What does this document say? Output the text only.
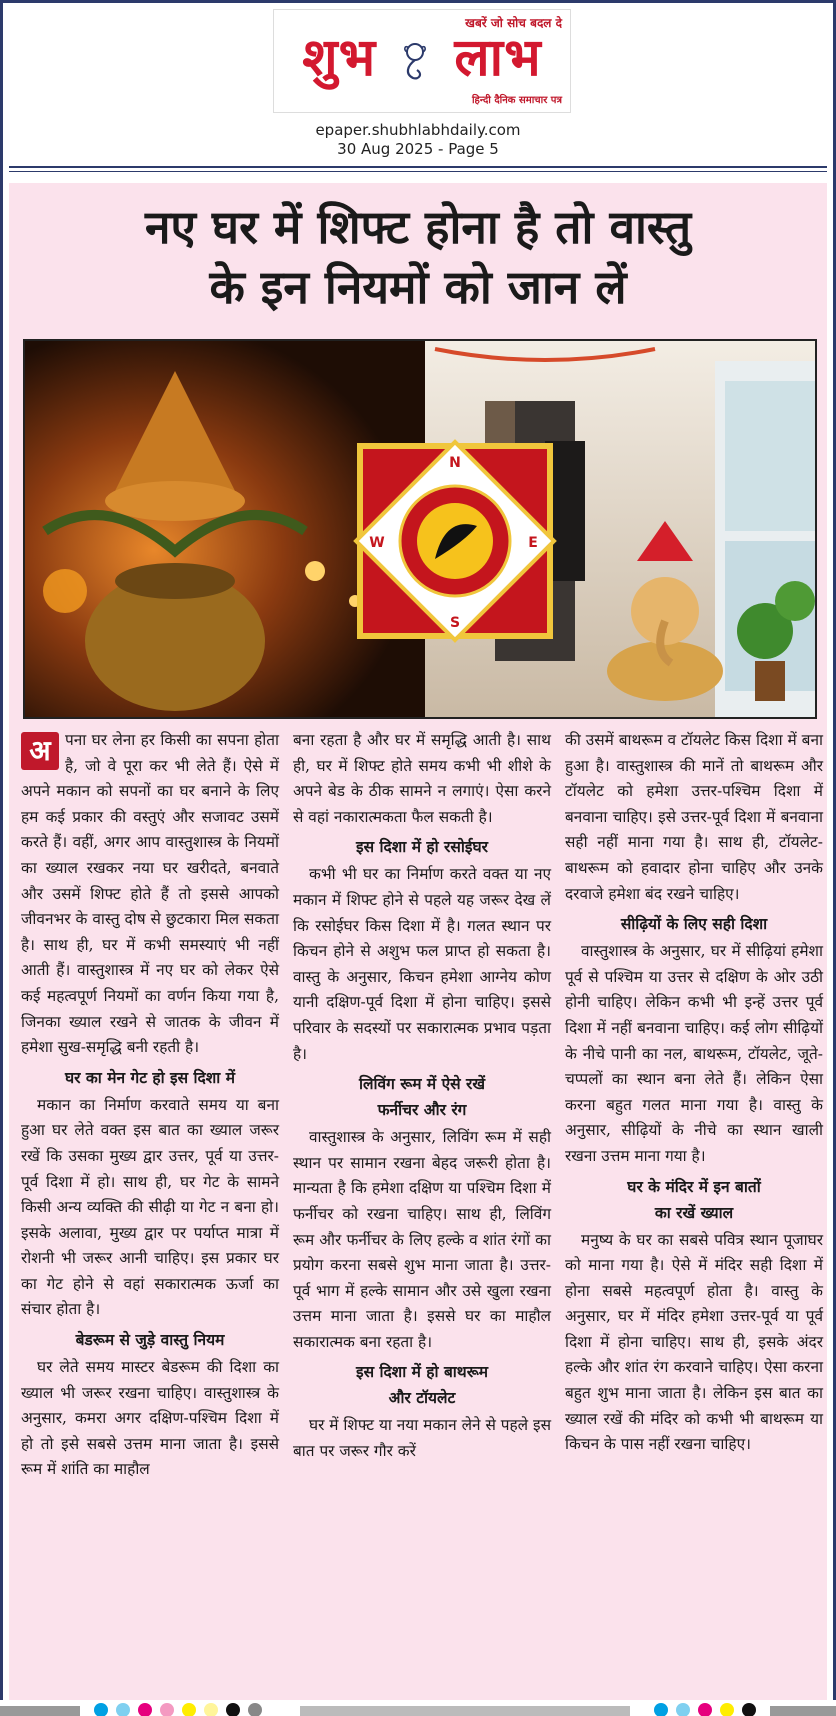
खबरें जो सोच बदल दे
शुभ लाभ
हिन्दी दैनिक समाचार पत्र
epaper.shubhlabhdaily.com
30 Aug 2025 - Page 5
नए घर में शिफ्ट होना है तो वास्तु
के इन नियमों को जान लें
N
S
E
W

अ पना घर लेना हर किसी का सपना होता है, जो वे पूरा कर भी लेते हैं। ऐसे में अपने मकान को सपनों का घर बनाने के लिए हम कई प्रकार की वस्तुएं और सजावट उसमें करते हैं। वहीं, अगर आप वास्तुशास्त्र के नियमों का ख्याल रखकर नया घर खरीदते, बनवाते और उसमें शिफ्ट होते हैं तो इससे आपको जीवनभर के वास्तु दोष से छुटकारा मिल सकता है। साथ ही, घर में कभी समस्याएं भी नहीं आती हैं। वास्तुशास्त्र में नए घर को लेकर ऐसे कई महत्वपूर्ण नियमों का वर्णन किया गया है, जिनका ख्याल रखने से जातक के जीवन में हमेशा सुख-समृद्धि बनी रहती है।

घर का मेन गेट हो इस दिशा में

मकान का निर्माण करवाते समय या बना हुआ घर लेते वक्त इस बात का ख्याल जरूर रखें कि उसका मुख्य द्वार उत्तर, पूर्व या उत्तर-पूर्व दिशा में हो। साथ ही, घर गेट के सामने किसी अन्य व्यक्ति की सीढ़ी या गेट न बना हो। इसके अलावा, मुख्य द्वार पर पर्याप्त मात्रा में रोशनी भी जरूर आनी चाहिए। इस प्रकार घर का गेट होने से वहां सकारात्मक ऊर्जा का संचार होता है।

बेडरूम से जुड़े वास्तु नियम

घर लेते समय मास्टर बेडरूम की दिशा का ख्याल भी जरूर रखना चाहिए। वास्तुशास्त्र के अनुसार, कमरा अगर दक्षिण-पश्चिम दिशा में हो तो इसे सबसे उत्तम माना जाता है। इससे रूम में शांति का माहौल

बना रहता है और घर में समृद्धि आती है। साथ ही, घर में शिफ्ट होते समय कभी भी शीशे के अपने बेड के ठीक सामने न लगाएं। ऐसा करने से वहां नकारात्मकता फैल सकती है।

इस दिशा में हो रसोईघर

कभी भी घर का निर्माण करते वक्त या नए मकान में शिफ्ट होने से पहले यह जरूर देख लें कि रसोईघर किस दिशा में है। गलत स्थान पर किचन होने से अशुभ फल प्राप्त हो सकता है। वास्तु के अनुसार, किचन हमेशा आग्नेय कोण यानी दक्षिण-पूर्व दिशा में होना चाहिए। इससे परिवार के सदस्यों पर सकारात्मक प्रभाव पड़ता है।

लिविंग रूम में ऐसे रखें
फर्नीचर और रंग

वास्तुशास्त्र के अनुसार, लिविंग रूम में सही स्थान पर सामान रखना बेहद जरूरी होता है। मान्यता है कि हमेशा दक्षिण या पश्चिम दिशा में फर्नीचर को रखना चाहिए। साथ ही, लिविंग रूम और फर्नीचर के लिए हल्के व शांत रंगों का प्रयोग करना सबसे शुभ माना जाता है। उत्तर-पूर्व भाग में हल्के सामान और उसे खुला रखना उत्तम माना जाता है। इससे घर का माहौल सकारात्मक बना रहता है।

इस दिशा में हो बाथरूम
और टॉयलेट

घर में शिफ्ट या नया मकान लेने से पहले इस बात पर जरूर गौर करें

की उसमें बाथरूम व टॉयलेट किस दिशा में बना हुआ है। वास्तुशास्त्र की मानें तो बाथरूम और टॉयलेट को हमेशा उत्तर-पश्चिम दिशा में बनवाना चाहिए। इसे उत्तर-पूर्व दिशा में बनवाना सही नहीं माना गया है। साथ ही, टॉयलेट-बाथरूम को हवादार होना चाहिए और उनके दरवाजे हमेशा बंद रखने चाहिए।

सीढ़ियों के लिए सही दिशा

वास्तुशास्त्र के अनुसार, घर में सीढ़ियां हमेशा पूर्व से पश्चिम या उत्तर से दक्षिण के ओर उठी होनी चाहिए। लेकिन कभी भी इन्हें उत्तर पूर्व दिशा में नहीं बनवाना चाहिए। कई लोग सीढ़ियों के नीचे पानी का नल, बाथरूम, टॉयलेट, जूते-चप्पलों का स्थान बना लेते हैं। लेकिन ऐसा करना बहुत गलत माना गया है। वास्तु के अनुसार, सीढ़ियों के नीचे का स्थान खाली रखना उत्तम माना गया है।

घर के मंदिर में इन बातों
का रखें ख्याल

मनुष्य के घर का सबसे पवित्र स्थान पूजाघर को माना गया है। ऐसे में मंदिर सही दिशा में होना सबसे महत्वपूर्ण होता है। वास्तु के अनुसार, घर में मंदिर हमेशा उत्तर-पूर्व या पूर्व दिशा में होना चाहिए। साथ ही, इसके अंदर हल्के और शांत रंग करवाने चाहिए। ऐसा करना बहुत शुभ माना जाता है। लेकिन इस बात का ख्याल रखें की मंदिर को कभी भी बाथरूम या किचन के पास नहीं रखना चाहिए।
